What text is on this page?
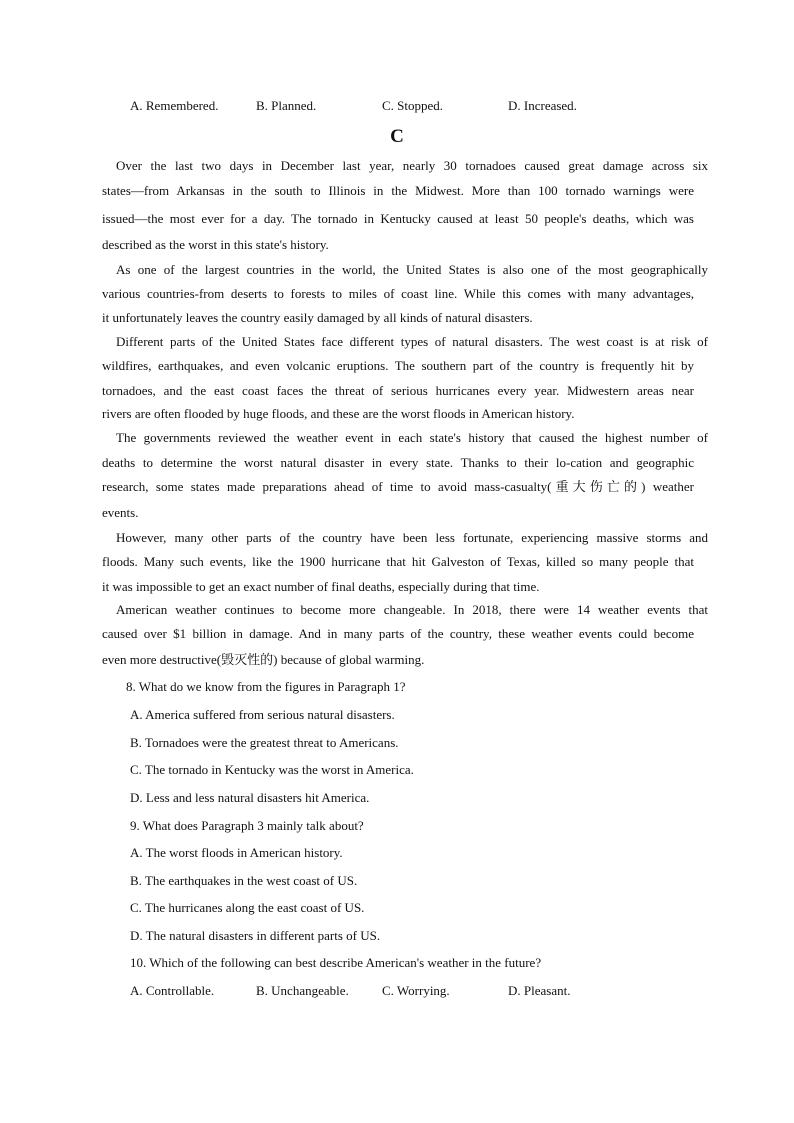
A. Remembered.	B. Planned.	C. Stopped.	D. Increased.
C
Over the last two days in December last year, nearly 30 tornadoes caused great damage across six
states—from Arkansas in the south to Illinois in the Midwest. More than 100 tornado warnings were
issued—the most ever for a day. The tornado in Kentucky caused at least 50 people's deaths, which was
described as the worst in this state's history.
As one of the largest countries in the world, the United States is also one of the most geographically
various countries-from deserts to forests to miles of coast line. While this comes with many advantages,
it unfortunately leaves the country easily damaged by all kinds of natural disasters.
Different parts of the United States face different types of natural disasters. The west coast is at risk of
wildfires, earthquakes, and even volcanic eruptions. The southern part of the country is frequently hit by
tornadoes, and the east coast faces the threat of serious hurricanes every year. Midwestern areas near
rivers are often flooded by huge floods, and these are the worst floods in American history.
The governments reviewed the weather event in each state's history that caused the highest number of
deaths to determine the worst natural disaster in every state. Thanks to their lo-cation and geographic
research, some states made preparations ahead of time to avoid mass-casualty(重大伤亡的) weather
events.
However, many other parts of the country have been less fortunate, experiencing massive storms and
floods. Many such events, like the 1900 hurricane that hit Galveston of Texas, killed so many people that
it was impossible to get an exact number of final deaths, especially during that time.
American weather continues to become more changeable. In 2018, there were 14 weather events that
caused over $1 billion in damage. And in many parts of the country, these weather events could become
even more destructive(毁灭性的) because of global warming.
8. What do we know from the figures in Paragraph 1?
A. America suffered from serious natural disasters.
B. Tornadoes were the greatest threat to Americans.
C. The tornado in Kentucky was the worst in America.
D. Less and less natural disasters hit America.
9. What does Paragraph 3 mainly talk about?
A. The worst floods in American history.
B. The earthquakes in the west coast of US.
C. The hurricanes along the east coast of US.
D. The natural disasters in different parts of US.
10. Which of the following can best describe American's weather in the future?
A. Controllable.	B. Unchangeable.	C. Worrying.	D. Pleasant.
